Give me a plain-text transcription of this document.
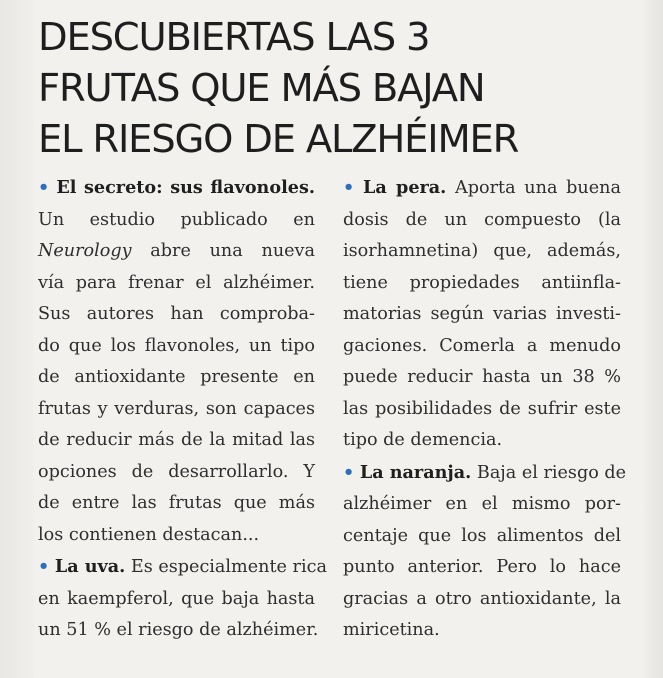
DESCUBIERTAS LAS 3
FRUTAS QUE MÁS BAJAN
EL RIESGO DE ALZHÉIMER
• El secreto: sus flavonoles.
Un estudio publicado en
Neurology abre una nueva
vía para frenar el alzhéimer.
Sus autores han comproba-
do que los flavonoles, un tipo
de antioxidante presente en
frutas y verduras, son capaces
de reducir más de la mitad las
opciones de desarrollarlo. Y
de entre las frutas que más
los contienen destacan...
• La uva. Es especialmente rica
en kaempferol, que baja hasta
un 51 % el riesgo de alzhéimer.
• La pera. Aporta una buena
dosis de un compuesto (la
isorhamnetina) que, además,
tiene propiedades antiinfla-
matorias según varias investi-
gaciones. Comerla a menudo
puede reducir hasta un 38 %
las posibilidades de sufrir este
tipo de demencia.
• La naranja. Baja el riesgo de
alzhéimer en el mismo por-
centaje que los alimentos del
punto anterior. Pero lo hace
gracias a otro antioxidante, la
miricetina.
